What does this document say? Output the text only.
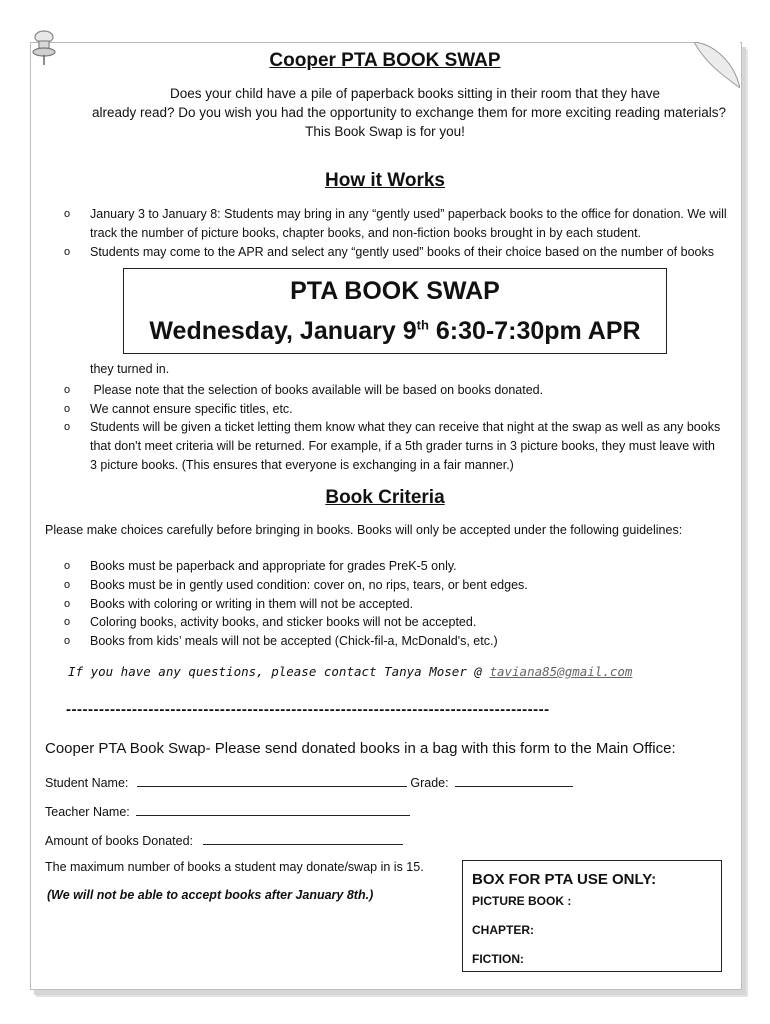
Cooper PTA BOOK SWAP
Does your child have a pile of paperback books sitting in their room that they have
already read? Do you wish you had the opportunity to exchange them for more exciting reading materials?
This Book Swap is for you!
How it Works
o January 3 to January 8: Students may bring in any “gently used” paperback books to the office for donation. We will track the number of picture books, chapter books, and non-fiction books brought in by each student.
o Students may come to the APR and select any “gently used” books of their choice based on the number of books
PTA BOOK SWAP
Wednesday, January 9th 6:30-7:30pm APR
they turned in.
o Please note that the selection of books available will be based on books donated.
o We cannot ensure specific titles, etc.
o Students will be given a ticket letting them know what they can receive that night at the swap as well as any books that don't meet criteria will be returned. For example, if a 5th grader turns in 3 picture books, they must leave with 3 picture books. (This ensures that everyone is exchanging in a fair manner.)
Book Criteria
Please make choices carefully before bringing in books. Books will only be accepted under the following guidelines:
o Books must be paperback and appropriate for grades PreK-5 only.
o Books must be in gently used condition: cover on, no rips, tears, or bent edges.
o Books with coloring or writing in them will not be accepted.
o Coloring books, activity books, and sticker books will not be accepted.
o Books from kids’ meals will not be accepted (Chick-fil-a, McDonald's, etc.)
If you have any questions, please contact Tanya Moser @ taviana85@gmail.com
----------------------------------------------------------------------------------------
Cooper PTA Book Swap- Please send donated books in a bag with this form to the Main Office:
Student Name:	Grade:
Teacher Name:
Amount of books Donated:
The maximum number of books a student may donate/swap in is 15.
(We will not be able to accept books after January 8th.)
BOX FOR PTA USE ONLY:
PICTURE BOOK :
CHAPTER:
FICTION:
